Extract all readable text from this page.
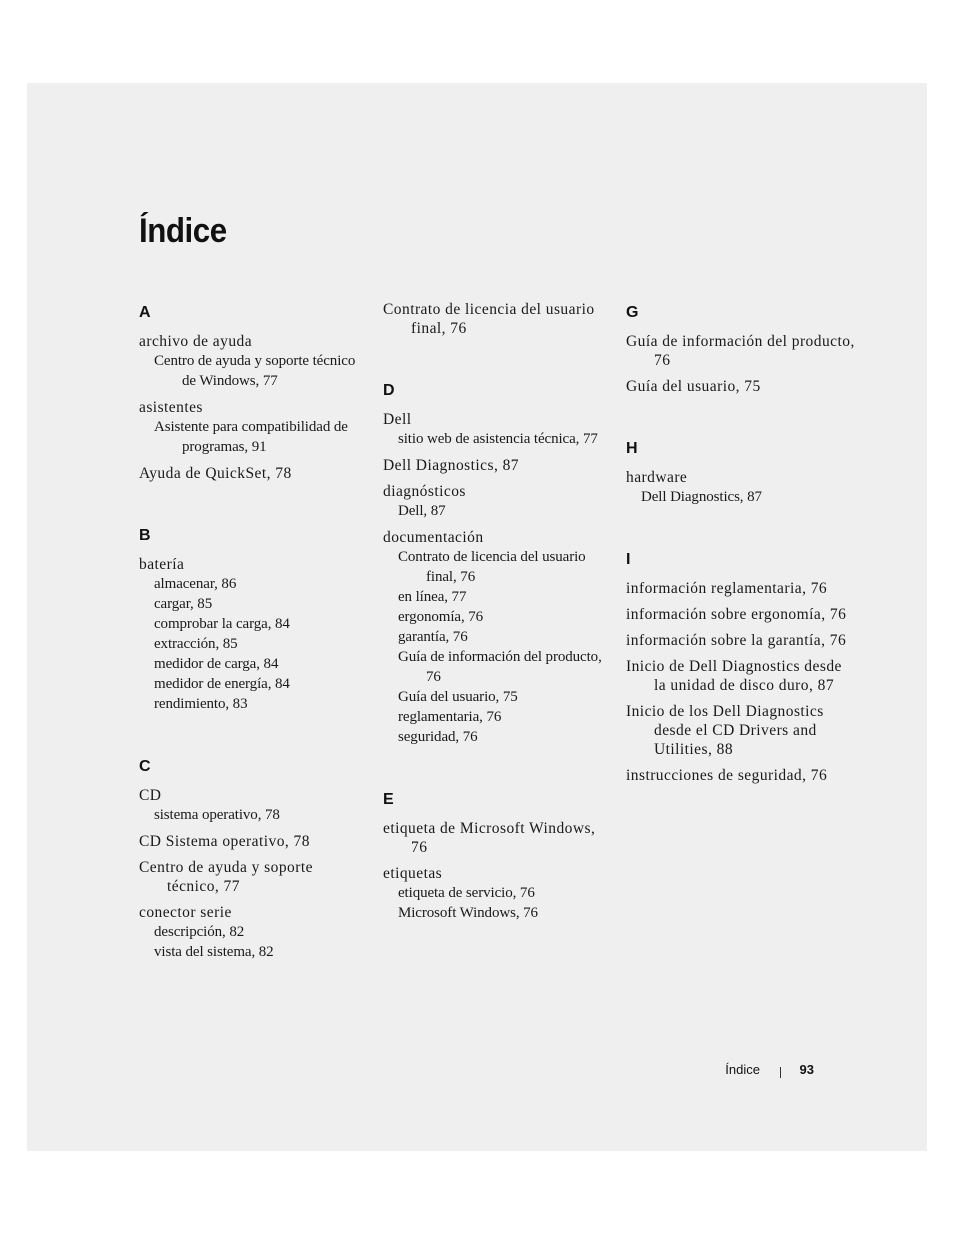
Índice
A
archivo de ayuda
Centro de ayuda y soporte técnico de Windows, 77
asistentes
Asistente para compatibilidad de programas, 91
Ayuda de QuickSet, 78
B
batería
almacenar, 86
cargar, 85
comprobar la carga, 84
extracción, 85
medidor de carga, 84
medidor de energía, 84
rendimiento, 83
C
CD
sistema operativo, 78
CD Sistema operativo, 78
Centro de ayuda y soporte técnico, 77
conector serie
descripción, 82
vista del sistema, 82
Contrato de licencia del usuario final, 76
D
Dell
sitio web de asistencia técnica, 77
Dell Diagnostics, 87
diagnósticos
Dell, 87
documentación
Contrato de licencia del usuario final, 76
en línea, 77
ergonomía, 76
garantía, 76
Guía de información del producto, 76
Guía del usuario, 75
reglamentaria, 76
seguridad, 76
E
etiqueta de Microsoft Windows, 76
etiquetas
etiqueta de servicio, 76
Microsoft Windows, 76
G
Guía de información del producto, 76
Guía del usuario, 75
H
hardware
Dell Diagnostics, 87
I
información reglamentaria, 76
información sobre ergonomía, 76
información sobre la garantía, 76
Inicio de Dell Diagnostics desde la unidad de disco duro, 87
Inicio de los Dell Diagnostics desde el CD Drivers and Utilities, 88
instrucciones de seguridad, 76
Índice	93
